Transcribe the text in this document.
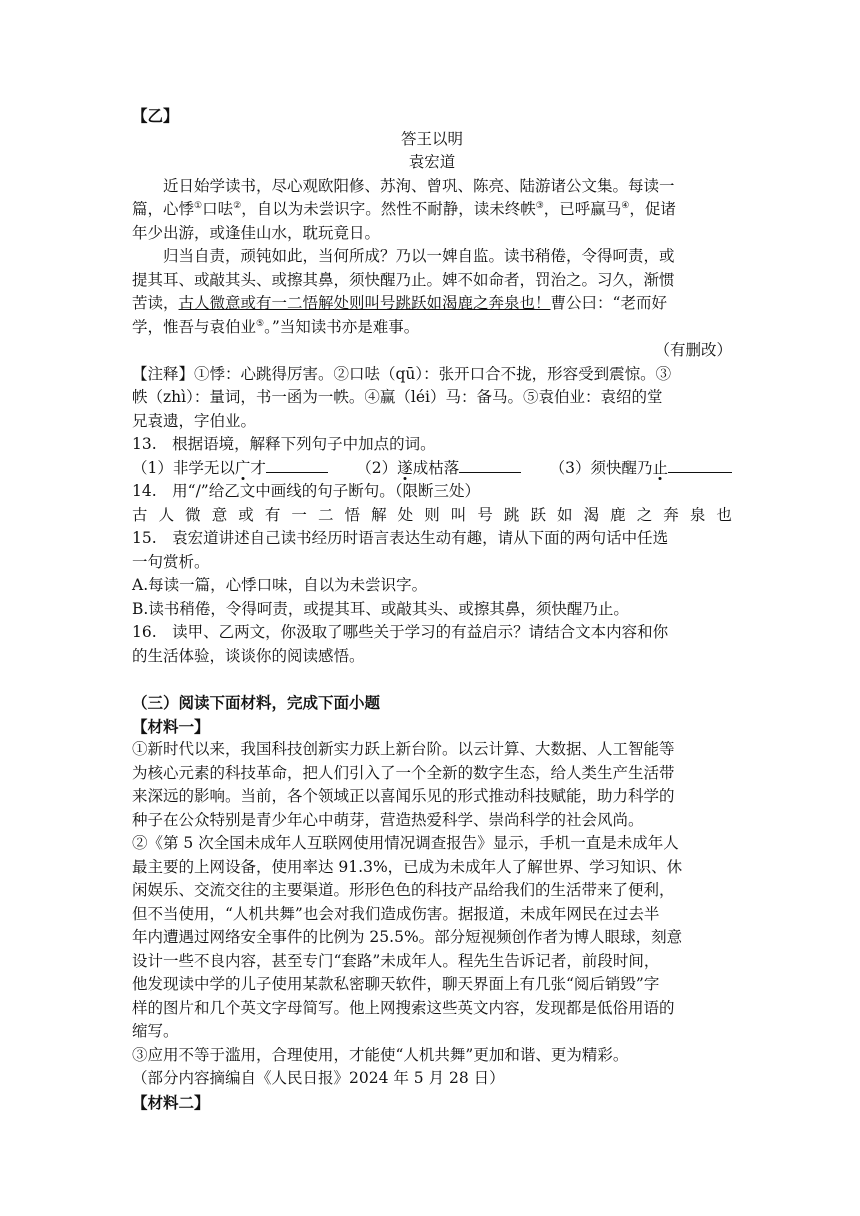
【乙】
答王以明
袁宏道
近日始学读书，尽心观欧阳修、苏洵、曾巩、陈亮、陆游诸公文集。每读一
篇，心悸①口呿②，自以为未尝识字。然性不耐静，读未终帙③，已呼赢马④，促诸
年少出游，或逢佳山水，耽玩竟日。
归当自责，顽钝如此，当何所成？乃以一婢自监。读书稍倦，令得呵责，或
提其耳、或敲其头、或擦其鼻，须快醒乃止。婢不如命者，罚治之。习久，渐惯
苦读，古人微意或有一二悟解处则叫号跳跃如渴鹿之奔泉也！曹公曰：“老而好
学，惟吾与袁伯业⑤。”当知读书亦是难事。
（有删改）
【注释】①悸：心跳得厉害。②口呿（qū）：张开口合不拢，形容受到震惊。③
帙（zhì）：量词，书一函为一帙。④赢（léi）马：备马。⑤袁伯业：袁绍的堂
兄袁遗，字伯业。
13.　根据语境，解释下列句子中加点的词。
（1）非学无以广才	（2）遂成枯落	（3）须快醒乃止
14.　用“/”给乙文中画线的句子断句。（限断三处）
古 人 微 意 或 有 一 二 悟 解 处 则 叫 号 跳 跃 如 渴 鹿 之 奔 泉 也
15.　袁宏道讲述自己读书经历时语言表达生动有趣，请从下面的两句话中任选
一句赏析。
A.每读一篇，心悸口味，自以为未尝识字。
B.读书稍倦，令得呵责，或提其耳、或敲其头、或擦其鼻，须快醒乃止。
16.　读甲、乙两文，你汲取了哪些关于学习的有益启示？请结合文本内容和你
的生活体验，谈谈你的阅读感悟。
（三）阅读下面材料，完成下面小题
【材料一】
①新时代以来，我国科技创新实力跃上新台阶。以云计算、大数据、人工智能等
为核心元素的科技革命，把人们引入了一个全新的数字生态，给人类生产生活带
来深远的影响。当前，各个领域正以喜闻乐见的形式推动科技赋能，助力科学的
种子在公众特别是青少年心中萌芽，营造热爱科学、崇尚科学的社会风尚。
②《第 5 次全国未成年人互联网使用情况调查报告》显示，手机一直是未成年人
最主要的上网设备，使用率达 91.3%，已成为未成年人了解世界、学习知识、休
闲娱乐、交流交往的主要渠道。形形色色的科技产品给我们的生活带来了便利，
但不当使用，“人机共舞”也会对我们造成伤害。据报道，未成年网民在过去半
年内遭遇过网络安全事件的比例为 25.5%。部分短视频创作者为博人眼球，刻意
设计一些不良内容，甚至专门“套路”未成年人。程先生告诉记者，前段时间，
他发现读中学的儿子使用某款私密聊天软件，聊天界面上有几张“阅后销毁”字
样的图片和几个英文字母简写。他上网搜索这些英文内容，发现都是低俗用语的
缩写。
③应用不等于滥用，合理使用，才能使“人机共舞”更加和谐、更为精彩。
（部分内容摘编自《人民日报》2024 年 5 月 28 日）
【材料二】
